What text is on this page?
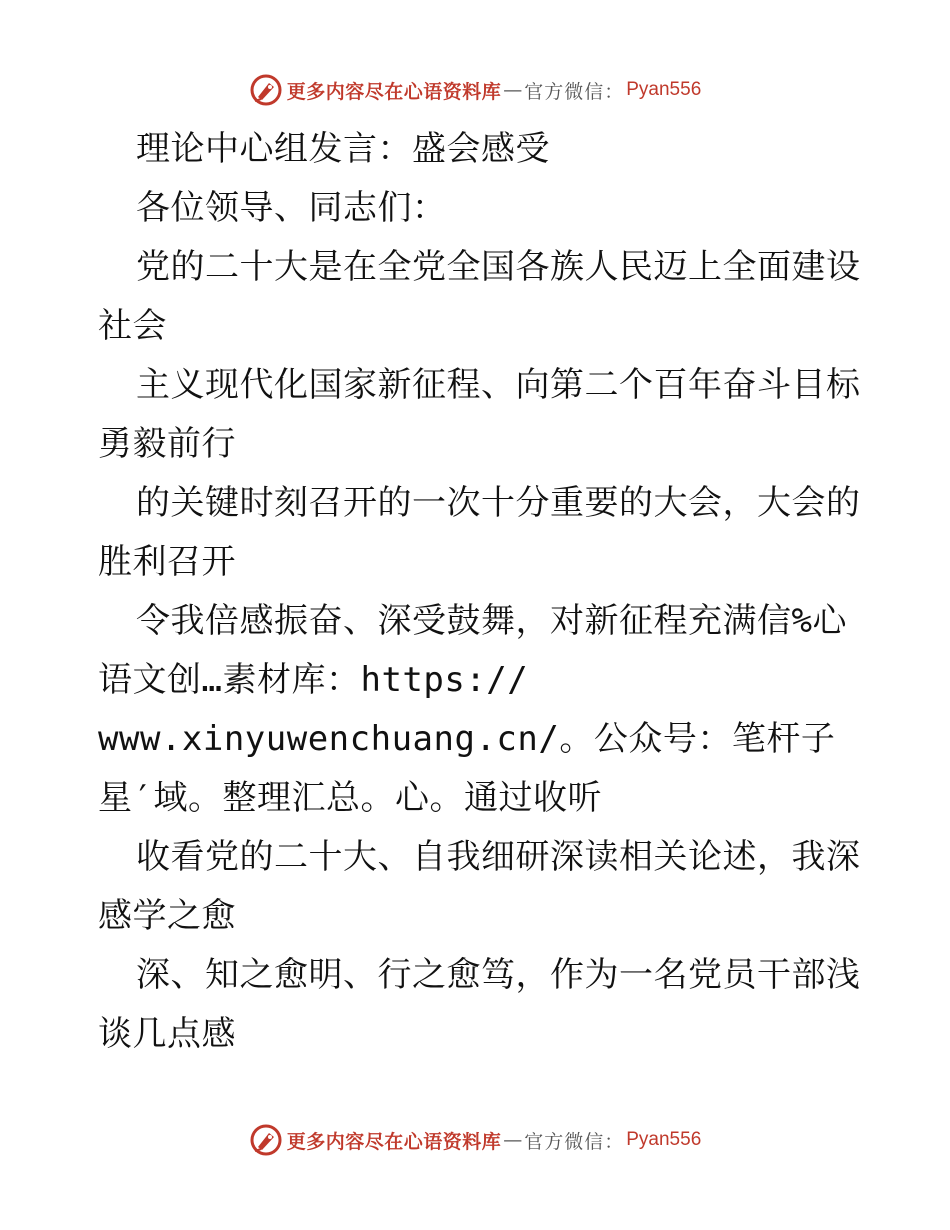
更多内容尽在心语资料库 — 官方微信： Pyan556
理论中心组发言：盛会感受
各位领导、同志们：
党的二十大是在全党全国各族人民迈上全面建设
社会
主义现代化国家新征程、向第二个百年奋斗目标
勇毅前行
的关键时刻召开的一次十分重要的大会，大会的
胜利召开
令我倍感振奋、深受鼓舞，对新征程充满信%心
语文创…素材库：https://
www.xinyuwenchuang.cn/。公众号：笔杆子
星′域。整理汇总。心。通过收听
收看党的二十大、自我细研深读相关论述，我深
感学之愈
深、知之愈明、行之愈笃，作为一名党员干部浅
谈几点感
更多内容尽在心语资料库 — 官方微信： Pyan556
